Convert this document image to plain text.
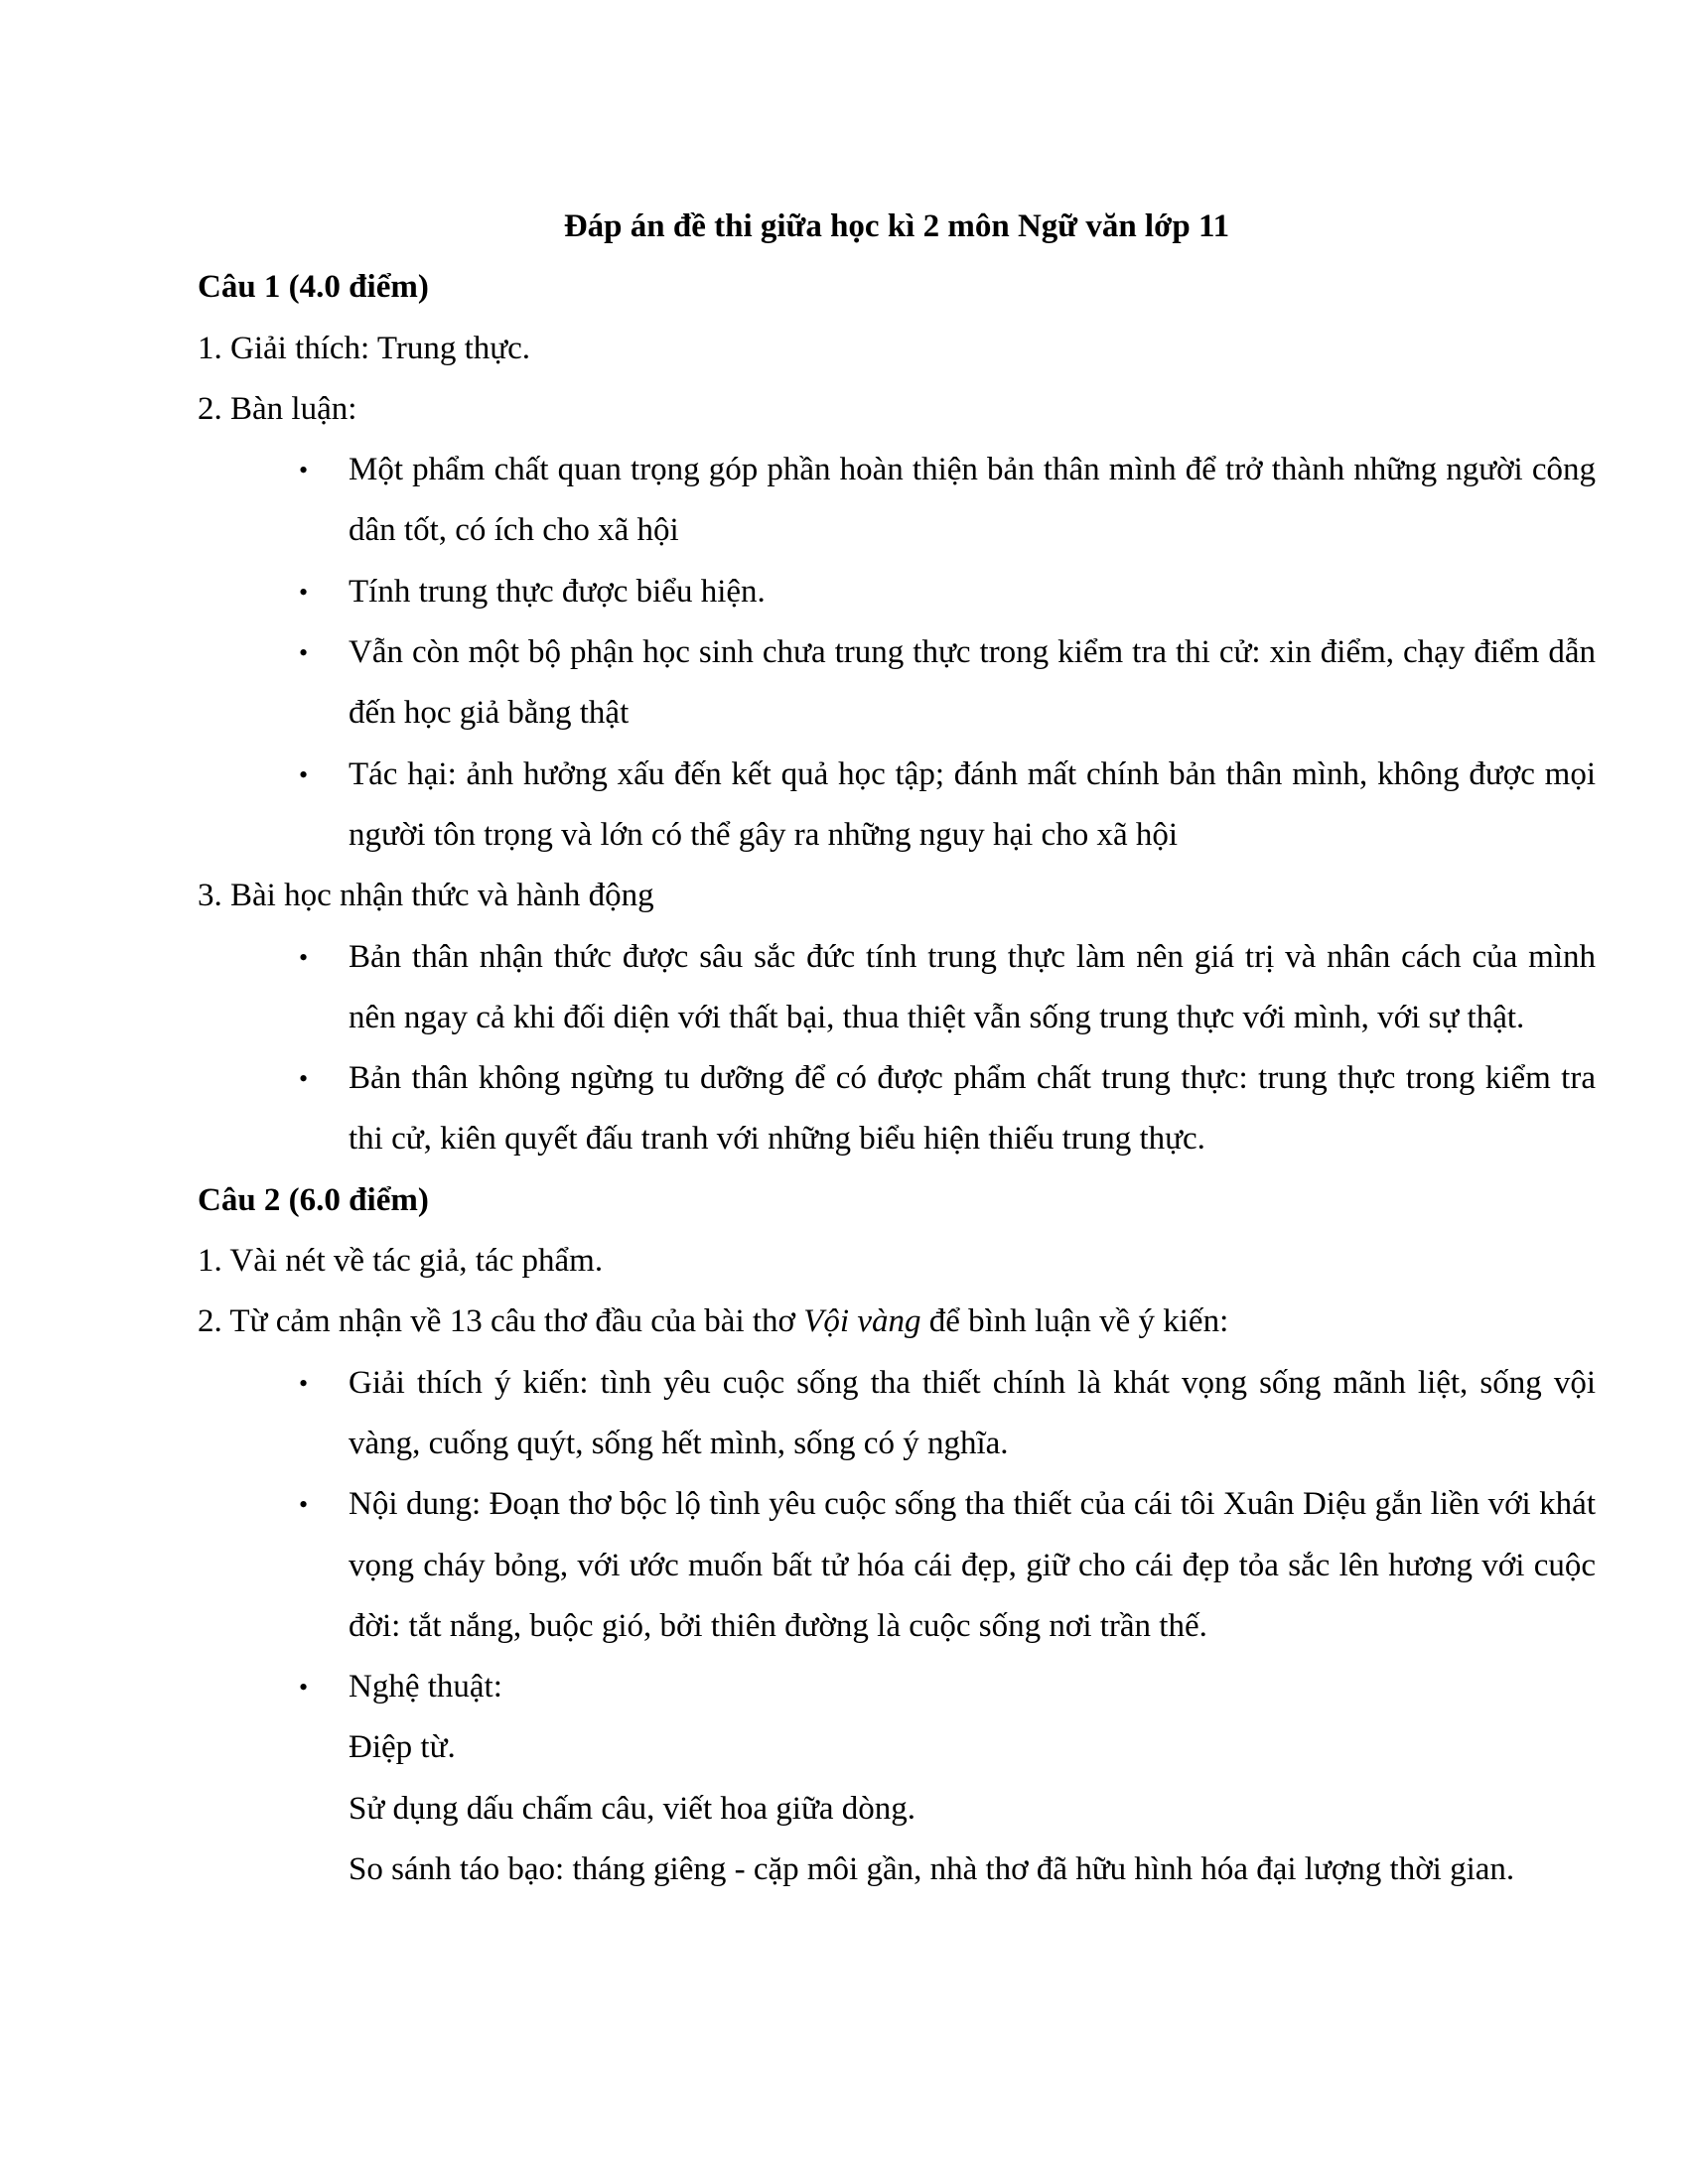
Đáp án đề thi giữa học kì 2 môn Ngữ văn lớp 11

Câu 1 (4.0 điểm)

1. Giải thích: Trung thực.

2. Bàn luận:

• Một phẩm chất quan trọng góp phần hoàn thiện bản thân mình để trở thành những người công dân tốt, có ích cho xã hội
• Tính trung thực được biểu hiện.
• Vẫn còn một bộ phận học sinh chưa trung thực trong kiểm tra thi cử: xin điểm, chạy điểm dẫn đến học giả bằng thật
• Tác hại: ảnh hưởng xấu đến kết quả học tập; đánh mất chính bản thân mình, không được mọi người tôn trọng và lớn có thể gây ra những nguy hại cho xã hội

3. Bài học nhận thức và hành động

• Bản thân nhận thức được sâu sắc đức tính trung thực làm nên giá trị và nhân cách của mình nên ngay cả khi đối diện với thất bại, thua thiệt vẫn sống trung thực với mình, với sự thật.
• Bản thân không ngừng tu dưỡng để có được phẩm chất trung thực: trung thực trong kiểm tra thi cử, kiên quyết đấu tranh với những biểu hiện thiếu trung thực.

Câu 2 (6.0 điểm)

1. Vài nét về tác giả, tác phẩm.

2. Từ cảm nhận về 13 câu thơ đầu của bài thơ Vội vàng để bình luận về ý kiến:

• Giải thích ý kiến: tình yêu cuộc sống tha thiết chính là khát vọng sống mãnh liệt, sống vội vàng, cuống quýt, sống hết mình, sống có ý nghĩa.
• Nội dung: Đoạn thơ bộc lộ tình yêu cuộc sống tha thiết của cái tôi Xuân Diệu gắn liền với khát vọng cháy bỏng, với ước muốn bất tử hóa cái đẹp, giữ cho cái đẹp tỏa sắc lên hương với cuộc đời: tắt nắng, buộc gió, bởi thiên đường là cuộc sống nơi trần thế.
• Nghệ thuật:

Điệp từ.

Sử dụng dấu chấm câu, viết hoa giữa dòng.

So sánh táo bạo: tháng giêng - cặp môi gần, nhà thơ đã hữu hình hóa đại lượng thời gian.
